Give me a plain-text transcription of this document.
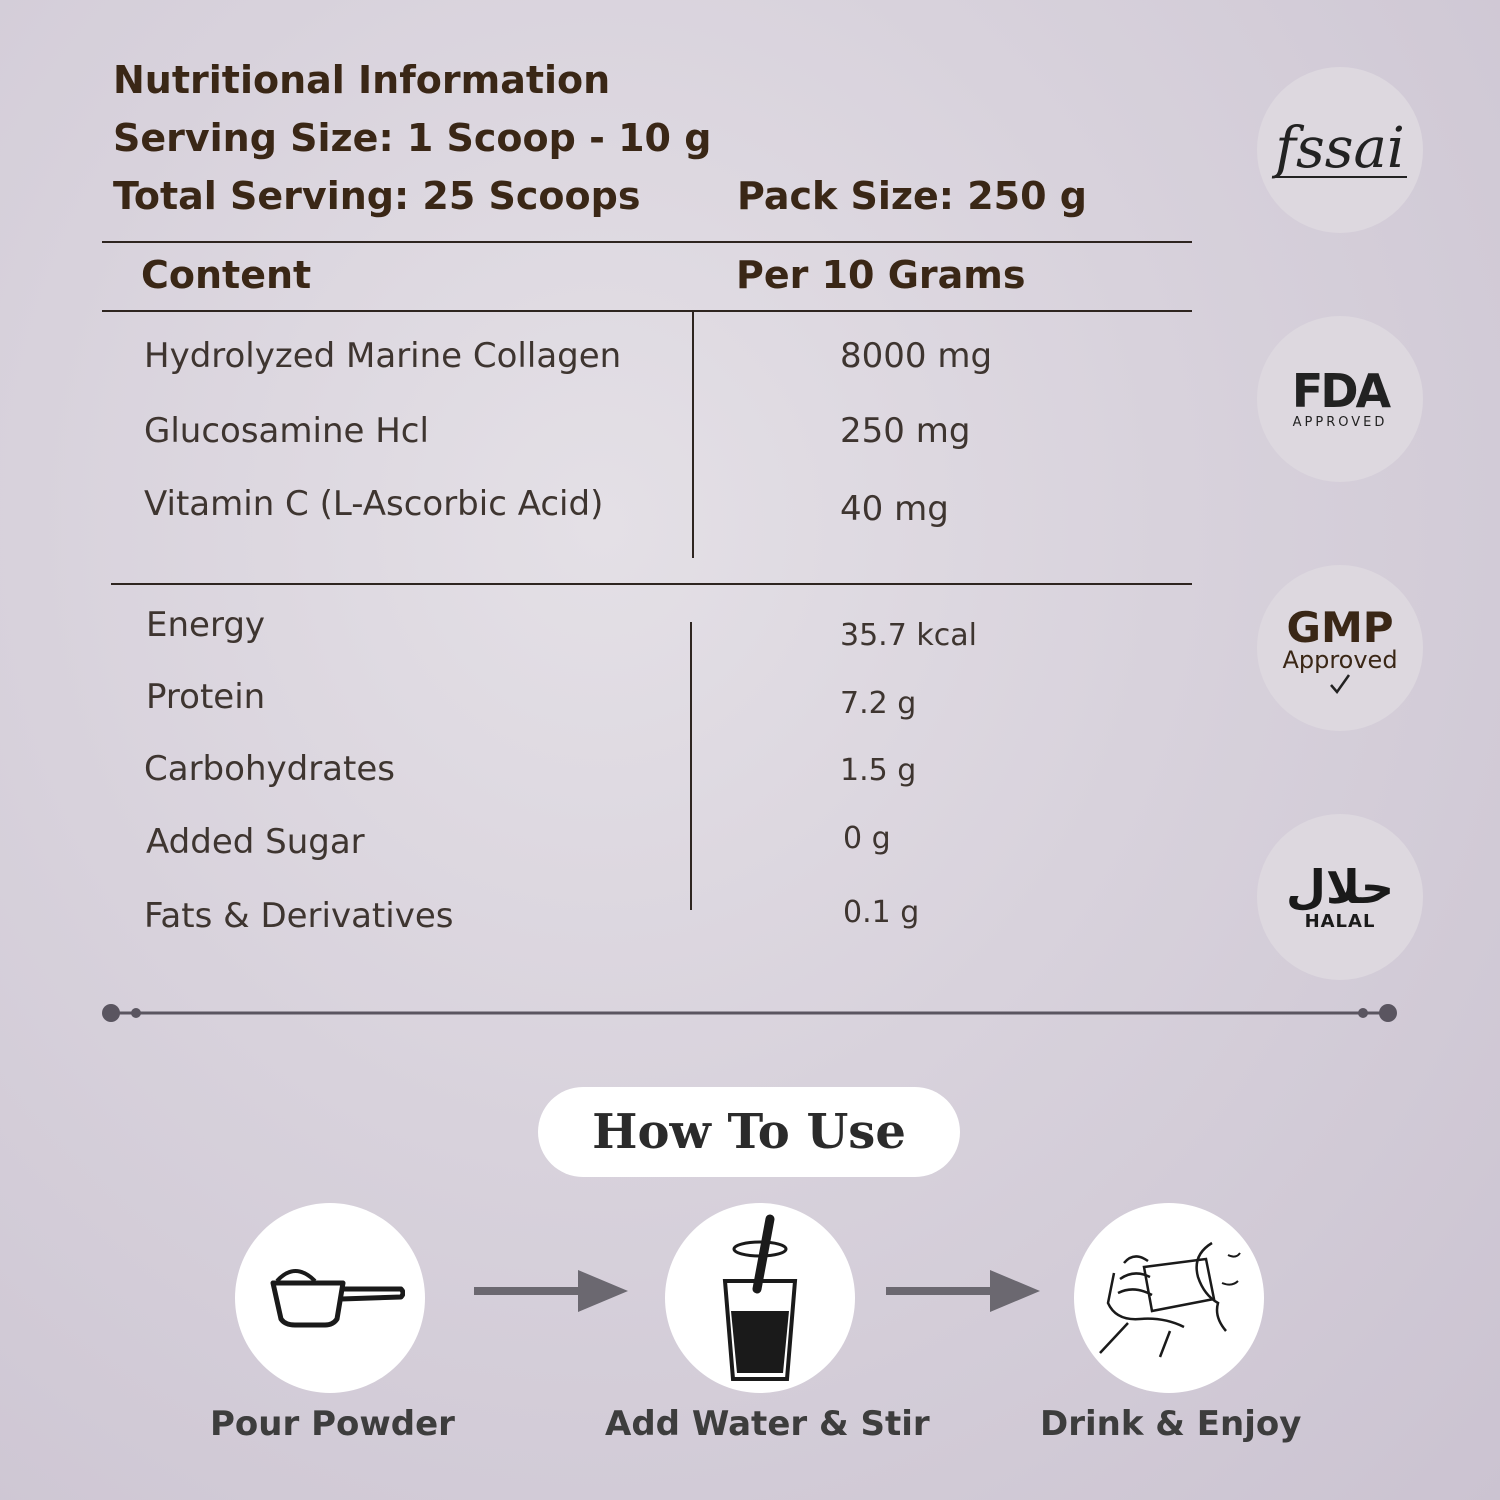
Nutritional Information
Serving Size: 1 Scoop - 10 g
Total Serving: 25 Scoops	Pack Size: 250 g
Content	Per 10 Grams
Hydrolyzed Marine Collagen	8000 mg
Glucosamine Hcl	250 mg
Vitamin C (L-Ascorbic Acid)	40 mg
Energy	35.7 kcal
Protein	7.2 g
Carbohydrates	1.5 g
Added Sugar	0 g
Fats & Derivatives	0.1 g
fssai
FDA
APPROVED
GMP
Approved
حلال
HALAL
How To Use
Pour Powder	Add Water & Stir	Drink & Enjoy
